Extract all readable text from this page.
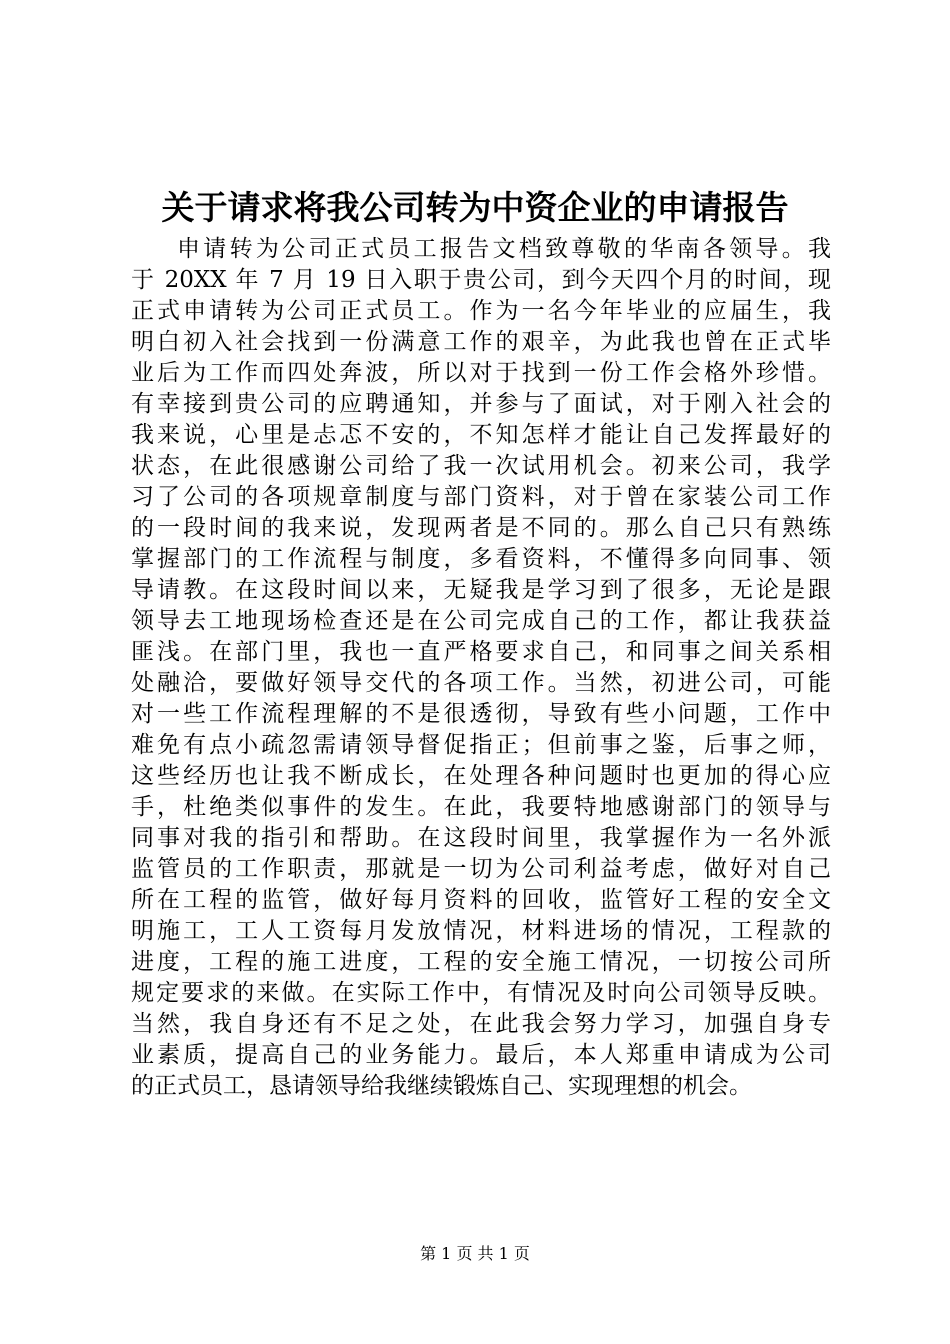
关于请求将我公司转为中资企业的申请报告
申请转为公司正式员工报告文档致尊敬的华南各领导。我
于 20XX 年 7 月 19 日入职于贵公司，到今天四个月的时间，现
正式申请转为公司正式员工。作为一名今年毕业的应届生，我
明白初入社会找到一份满意工作的艰辛，为此我也曾在正式毕
业后为工作而四处奔波，所以对于找到一份工作会格外珍惜。
有幸接到贵公司的应聘通知，并参与了面试，对于刚入社会的
我来说，心里是忐忑不安的，不知怎样才能让自己发挥最好的
状态，在此很感谢公司给了我一次试用机会。初来公司，我学
习了公司的各项规章制度与部门资料，对于曾在家装公司工作
的一段时间的我来说，发现两者是不同的。那么自己只有熟练
掌握部门的工作流程与制度，多看资料，不懂得多向同事、领
导请教。在这段时间以来，无疑我是学习到了很多，无论是跟
领导去工地现场检查还是在公司完成自己的工作，都让我获益
匪浅。在部门里，我也一直严格要求自己，和同事之间关系相
处融洽，要做好领导交代的各项工作。当然，初进公司，可能
对一些工作流程理解的不是很透彻，导致有些小问题，工作中
难免有点小疏忽需请领导督促指正；但前事之鉴，后事之师，
这些经历也让我不断成长，在处理各种问题时也更加的得心应
手，杜绝类似事件的发生。在此，我要特地感谢部门的领导与
同事对我的指引和帮助。在这段时间里，我掌握作为一名外派
监管员的工作职责，那就是一切为公司利益考虑，做好对自己
所在工程的监管，做好每月资料的回收，监管好工程的安全文
明施工，工人工资每月发放情况，材料进场的情况，工程款的
进度，工程的施工进度，工程的安全施工情况，一切按公司所
规定要求的来做。在实际工作中，有情况及时向公司领导反映。
当然，我自身还有不足之处，在此我会努力学习，加强自身专
业素质，提高自己的业务能力。最后，本人郑重申请成为公司
的正式员工，恳请领导给我继续锻炼自己、实现理想的机会。
第 1 页 共 1 页
